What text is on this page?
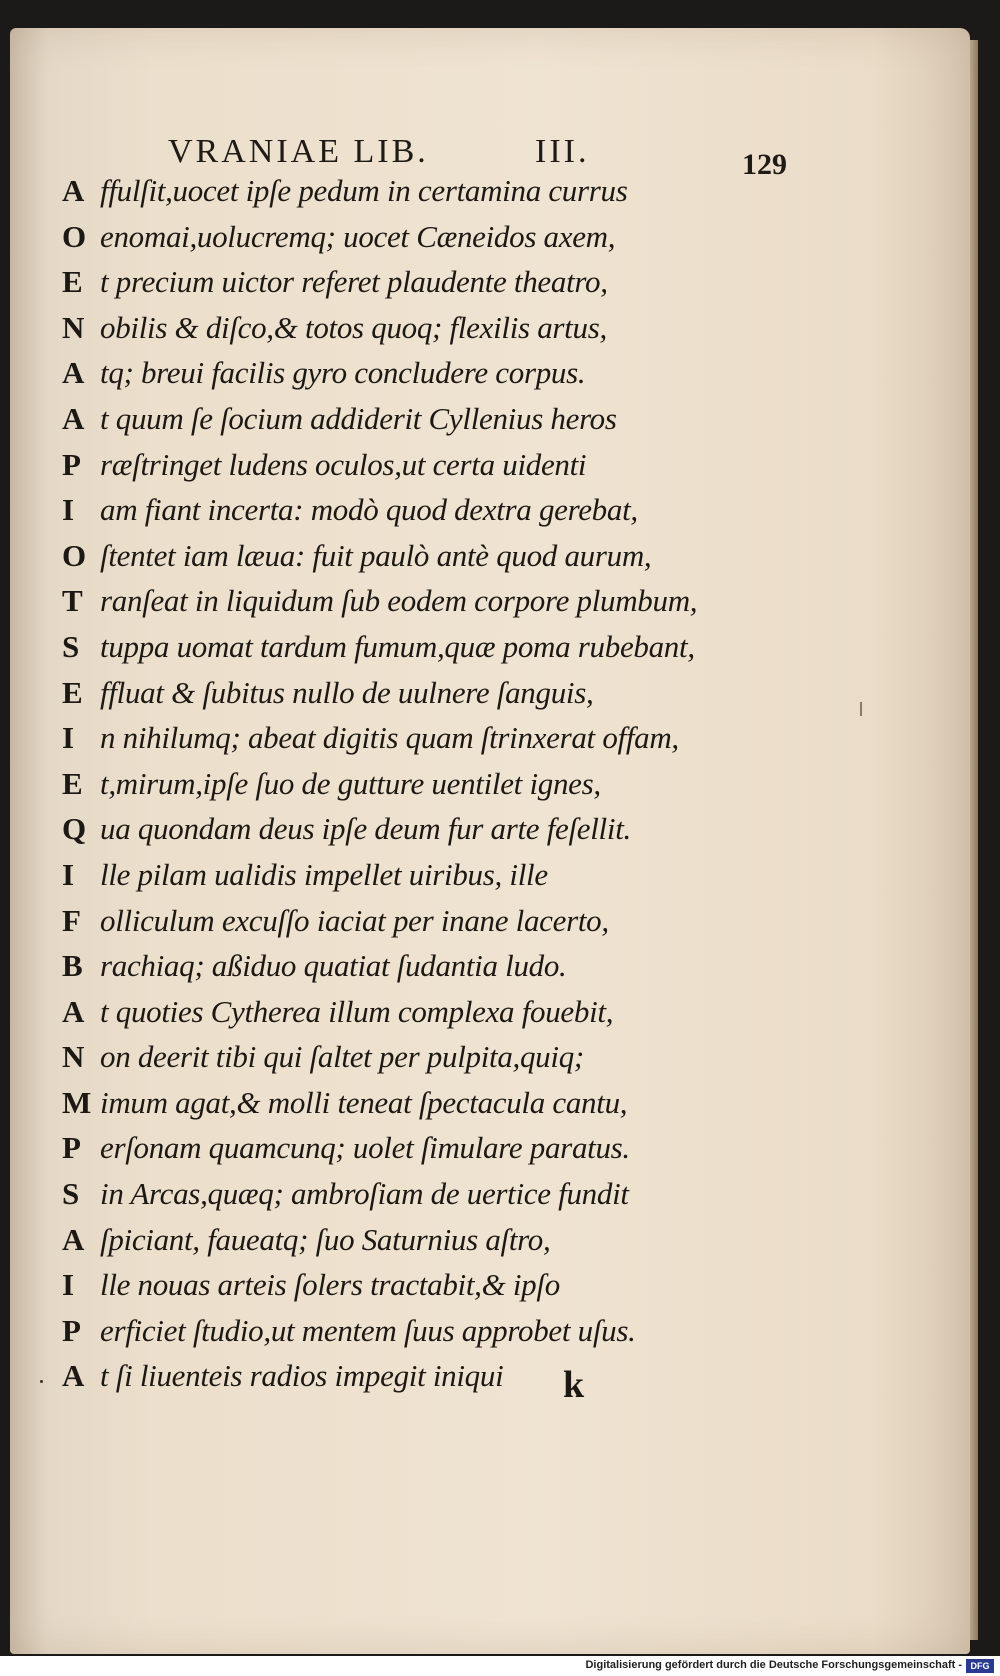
VRANIAE LIB.	III.	129
A ffulſit,uocet ipſe pedum in certamina currus
O enomai,uolucremq; uocet Cæneidos axem,
E t precium uictor referet plaudente theatro,
N obilis & diſco,& totos quoq; flexilis artus,
A tq; breui facilis gyro concludere corpus.
A t quum ſe ſocium addiderit Cyllenius heros
P ræſtringet ludens oculos,ut certa uidenti
I am fiant incerta: modò quod dextra gerebat,
O ſtentet iam læua: fuit paulò antè quod aurum,
T ranſeat in liquidum ſub eodem corpore plumbum,
S tuppa uomat tardum fumum,quæ poma rubebant,
E ffluat & ſubitus nullo de uulnere ſanguis,
I n nihilumq; abeat digitis quam ſtrinxerat offam,
E t,mirum,ipſe ſuo de gutture uentilet ignes,
Q ua quondam deus ipſe deum fur arte feſellit.
I lle pilam ualidis impellet uiribus, ille
F olliculum excuſſo iaciat per inane lacerto,
B rachiaq; aßiduo quatiat ſudantia ludo.
A t quoties Cytherea illum complexa fouebit,
N on deerit tibi qui ſaltet per pulpita,quiq;
M imum agat,& molli teneat ſpectacula cantu,
P erſonam quamcunq; uolet ſimulare paratus.
S in Arcas,quæq; ambroſiam de uertice fundit
A ſpiciant, faueatq; ſuo Saturnius aſtro,
I lle nouas arteis ſolers tractabit,& ipſo
P erficiet ſtudio,ut mentem ſuus approbet uſus.
A t ſi liuenteis radios impegit iniqui	k
Digitalisierung gefördert durch die Deutsche Forschungsgemeinschaft - DFG
